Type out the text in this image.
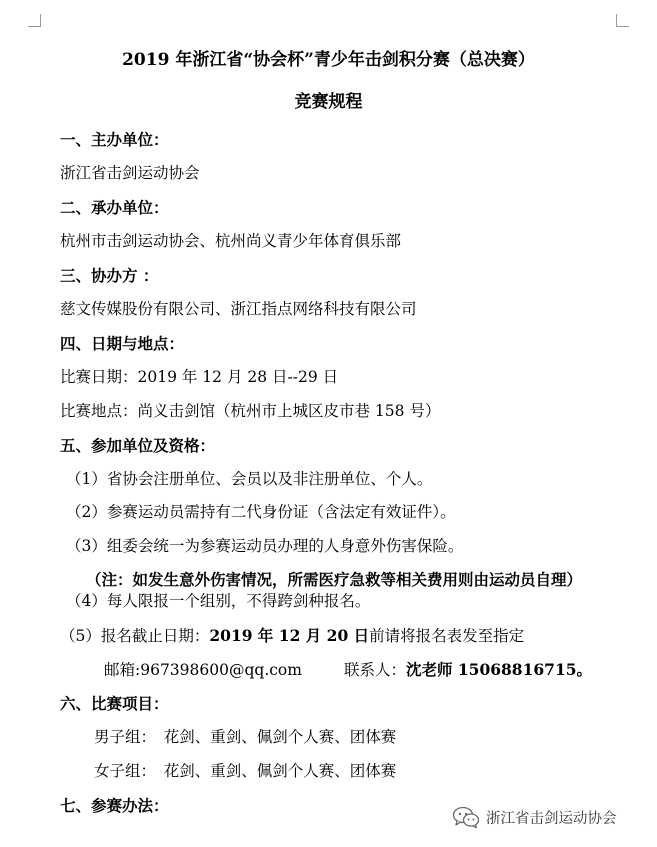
2019 年浙江省“协会杯”青少年击剑积分赛（总决赛）
竞赛规程
一、主办单位：
浙江省击剑运动协会
二、承办单位：
杭州市击剑运动协会、杭州尚义青少年体育俱乐部
三、协办方 ：
慈文传媒股份有限公司、浙江指点网络科技有限公司
四、日期与地点：
比赛日期：2019 年 12 月 28 日--29 日
比赛地点：尚义击剑馆（杭州市上城区皮市巷 158 号）
五、参加单位及资格：
（1）省协会注册单位、会员以及非注册单位、个人。
（2）参赛运动员需持有二代身份证（含法定有效证件）。
（3）组委会统一为参赛运动员办理的人身意外伤害保险。
（注：如发生意外伤害情况，所需医疗急救等相关费用则由运动员自理）
（4）每人限报一个组别，不得跨剑种报名。
（5）报名截止日期：2019 年 12 月 20 日前请将报名表发至指定
邮箱:967398600@qq.com	联系人：沈老师 15068816715。
六、比赛项目：
男子组：　花剑、重剑、佩剑个人赛、团体赛
女子组：　花剑、重剑、佩剑个人赛、团体赛
七、参赛办法：
浙江省击剑运动协会
